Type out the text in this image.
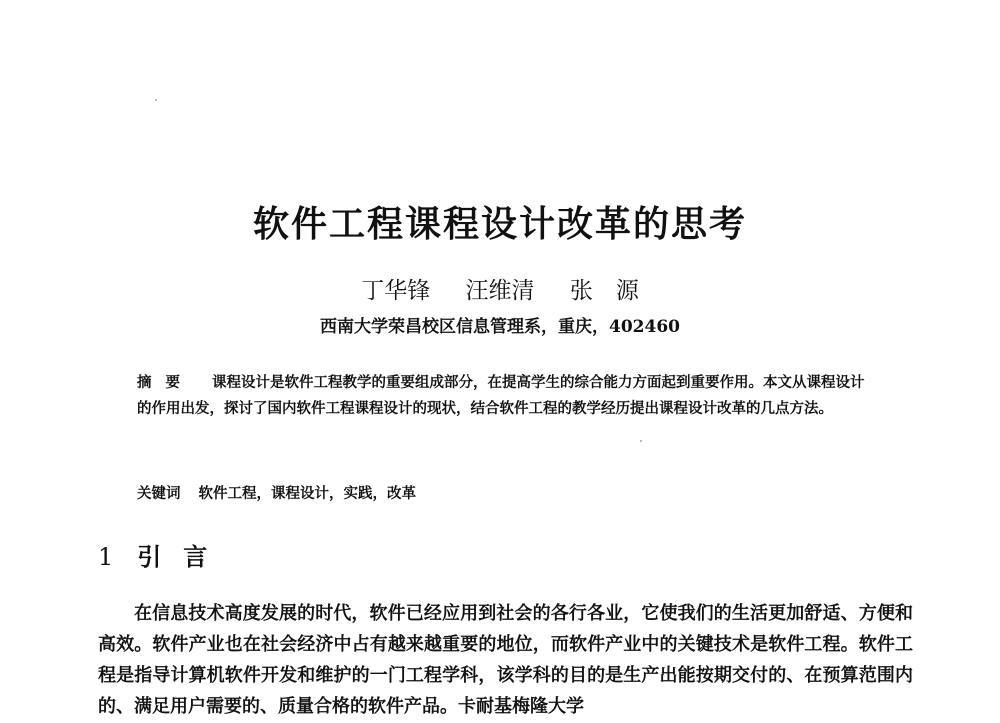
软件工程课程设计改革的思考
丁华锋 汪维清 张　源
西南大学荣昌校区信息管理系，重庆，402460
摘要 课程设计是软件工程教学的重要组成部分，在提高学生的综合能力方面起到重要作用。本文从课程设计的作用出发，探讨了国内软件工程课程设计的现状，结合软件工程的教学经历提出课程设计改革的几点方法。
关键词 软件工程，课程设计，实践，改革
1 引言
在信息技术高度发展的时代，软件已经应用到社会的各行各业，它使我们的生活更加舒适、方便和高效。软件产业也在社会经济中占有越来越重要的地位，而软件产业中的关键技术是软件工程。软件工程是指导计算机软件开发和维护的一门工程学科，该学科的目的是生产出能按期交付的、在预算范围内的、满足用户需要的、质量合格的软件产品。卡耐基梅隆大学
